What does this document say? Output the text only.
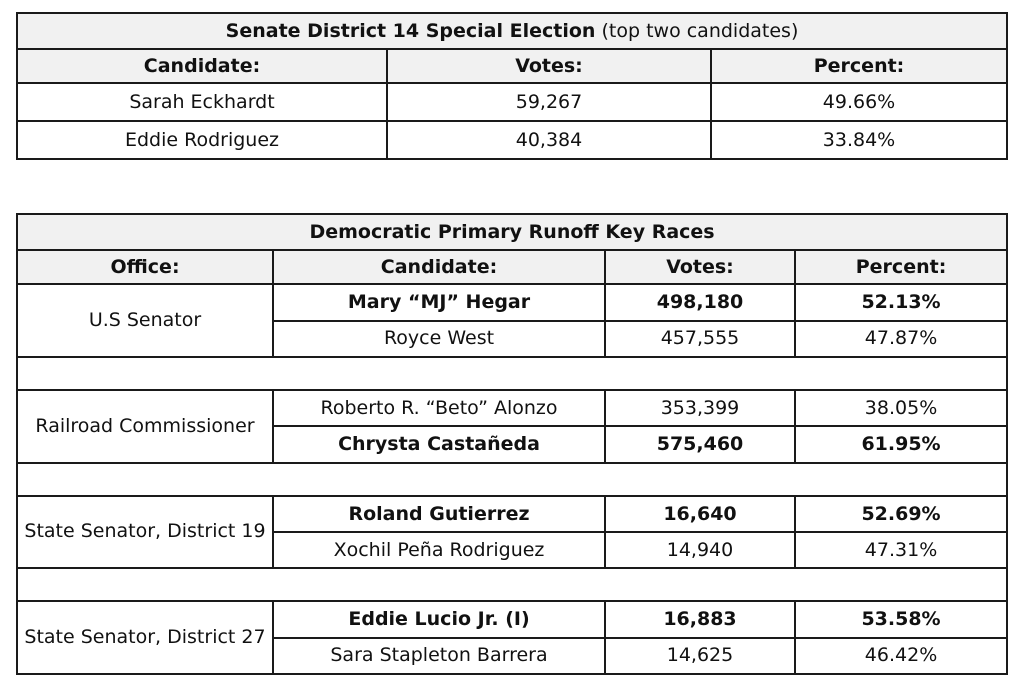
Senate District 14 Special Election (top two candidates)		
Candidate:	Votes:	Percent:
Sarah Eckhardt	59,267	49.66%
Eddie Rodriguez	40,384	33.84%
Democratic Primary Runoff Key Races			
Office:	Candidate:	Votes:	Percent:
U.S Senator	Mary “MJ” Hegar	498,180	52.13%
	Royce West	457,555	47.87%

Railroad Commissioner	Roberto R. “Beto” Alonzo	353,399	38.05%
	Chrysta Castañeda	575,460	61.95%

State Senator, District 19	Roland Gutierrez	16,640	52.69%
	Xochil Peña Rodriguez	14,940	47.31%

State Senator, District 27	Eddie Lucio Jr. (I)	16,883	53.58%
	Sara Stapleton Barrera	14,625	46.42%
